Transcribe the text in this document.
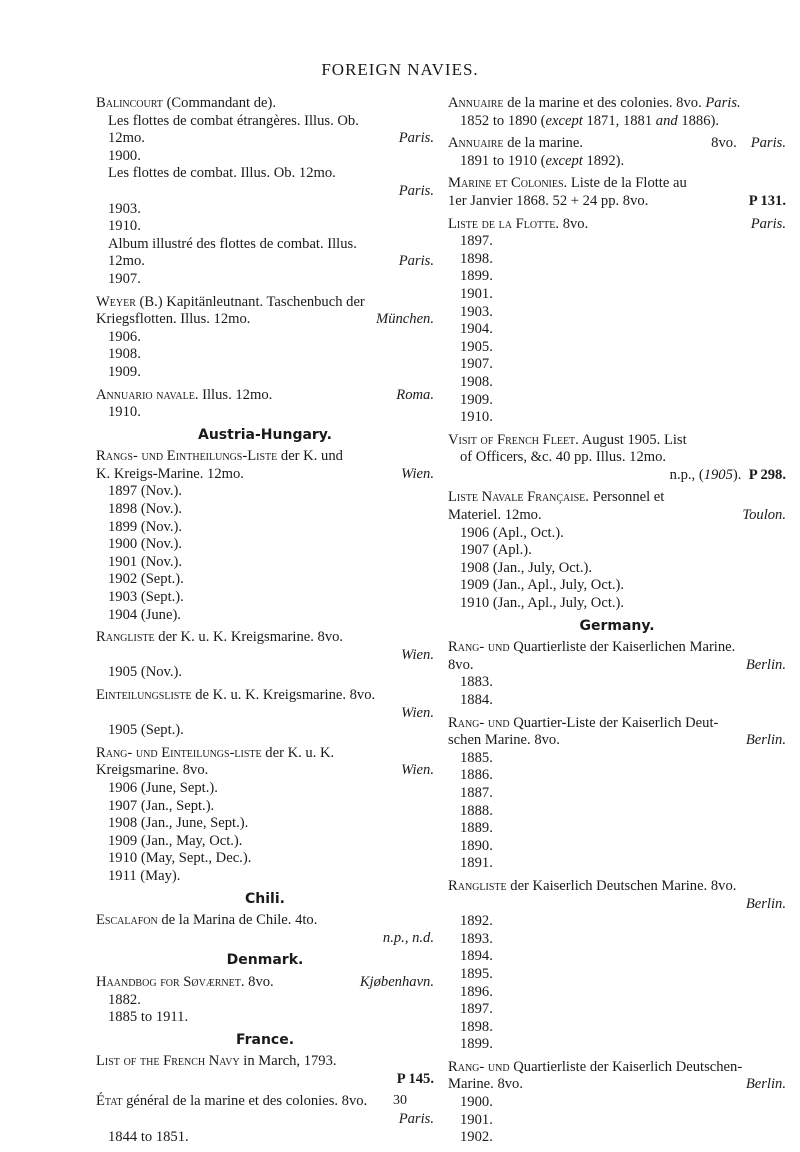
FOREIGN NAVIES.
Balincourt (Commandant de).
Les flottes de combat étrangères. Illus. Ob.
12mo.	Paris.
1900.
Les flottes de combat. Illus. Ob. 12mo.
Paris.
1903.
1910.
Album illustré des flottes de combat. Illus.
12mo.	Paris.
1907.
Weyer (B.) Kapitänleutnant. Taschenbuch der
Kriegsflotten. Illus. 12mo.	München.
1906.
1908.
1909.
Annuario navale. Illus. 12mo.	Roma.
1910.
Austria-Hungary.
Rangs- und Eintheilungs-Liste der K. und
K. Kreigs-Marine. 12mo.	Wien.
1897 (Nov.).
1898 (Nov.).
1899 (Nov.).
1900 (Nov.).
1901 (Nov.).
1902 (Sept.).
1903 (Sept.).
1904 (June).
Rangliste der K. u. K. Kreigsmarine. 8vo.
Wien.
1905 (Nov.).
Einteilungsliste de K. u. K. Kreigsmarine. 8vo.
Wien.
1905 (Sept.).
Rang- und Einteilungs-liste der K. u. K.
Kreigsmarine. 8vo.	Wien.
1906 (June, Sept.).
1907 (Jan., Sept.).
1908 (Jan., June, Sept.).
1909 (Jan., May, Oct.).
1910 (May, Sept., Dec.).
1911 (May).
Chili.
Escalafon de la Marina de Chile. 4to.
n.p., n.d.
Denmark.
Haandbog for Søværnet. 8vo.	Kjøbenhavn.
1882.
1885 to 1911.
France.
List of the French Navy in March, 1793.
P 145.
État général de la marine et des colonies. 8vo.
Paris.
1844 to 1851.
Annuaire de la marine et des colonies. 8vo. Paris.
1852 to 1890 (except 1871, 1881 and 1886).
Annuaire de la marine.	Paris.
8vo.
1891 to 1910 (except 1892).
Marine et Colonies. Liste de la Flotte au
1er Janvier 1868. 52 + 24 pp. 8vo.	P 131.
Liste de la Flotte. 8vo.	Paris.
1897.
1898.
1899.
1901.
1903.
1904.
1905.
1907.
1908.
1909.
1910.
Visit of French Fleet. August 1905. List
of Officers, &c. 40 pp. Illus. 12mo.
n.p., (1905). P 298.
Liste Navale Française. Personnel et
Materiel. 12mo.	Toulon.
1906 (Apl., Oct.).
1907 (Apl.).
1908 (Jan., July, Oct.).
1909 (Jan., Apl., July, Oct.).
1910 (Jan., Apl., July, Oct.).
Germany.
Rang- und Quartierliste der Kaiserlichen Marine.
8vo.	Berlin.
1883.
1884.
Rang- und Quartier-Liste der Kaiserlich Deut-
schen Marine. 8vo.	Berlin.
1885.
1886.
1887.
1888.
1889.
1890.
1891.
Rangliste der Kaiserlich Deutschen Marine. 8vo.
Berlin.
1892.
1893.
1894.
1895.
1896.
1897.
1898.
1899.
Rang- und Quartierliste der Kaiserlich Deutschen-
Marine. 8vo.	Berlin.
1900.
1901.
1902.
30
